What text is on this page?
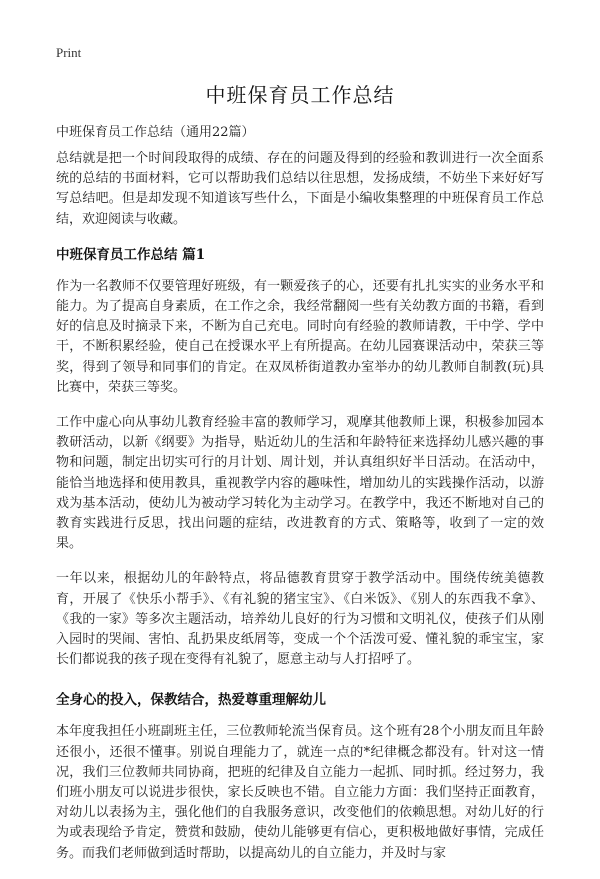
Print
中班保育员工作总结
中班保育员工作总结（通用22篇）

总结就是把一个时间段取得的成绩、存在的问题及得到的经验和教训进行一次全面系统的总结的书面材料，它可以帮助我们总结以往思想，发扬成绩，不妨坐下来好好写写总结吧。但是却发现不知道该写些什么，下面是小编收集整理的中班保育员工作总结，欢迎阅读与收藏。

中班保育员工作总结 篇1

作为一名教师不仅要管理好班级，有一颗爱孩子的心，还要有扎扎实实的业务水平和能力。为了提高自身素质，在工作之余，我经常翻阅一些有关幼教方面的书籍，看到好的信息及时摘录下来，不断为自己充电。同时向有经验的教师请教，干中学、学中干，不断积累经验，使自己在授课水平上有所提高。在幼儿园赛课活动中，荣获三等奖，得到了领导和同事们的肯定。在双凤桥街道教办室举办的幼儿教师自制教(玩)具比赛中，荣获三等奖。

工作中虚心向从事幼儿教育经验丰富的教师学习，观摩其他教师上课，积极参加园本教研活动，以新《纲要》为指导，贴近幼儿的生活和年龄特征来选择幼儿感兴趣的事物和问题，制定出切实可行的月计划、周计划，并认真组织好半日活动。在活动中，能恰当地选择和使用教具，重视教学内容的趣味性，增加幼儿的实践操作活动，以游戏为基本活动，使幼儿为被动学习转化为主动学习。在教学中，我还不断地对自己的教育实践进行反思，找出问题的症结，改进教育的方式、策略等，收到了一定的效果。

一年以来，根据幼儿的年龄特点，将品德教育贯穿于教学活动中。围绕传统美德教育，开展了《快乐小帮手》、《有礼貌的猪宝宝》、《白米饭》、《别人的东西我不拿》、《我的一家》等多次主题活动，培养幼儿良好的行为习惯和文明礼仪，使孩子们从刚入园时的哭闹、害怕、乱扔果皮纸屑等，变成一个个活泼可爱、懂礼貌的乖宝宝，家长们都说我的孩子现在变得有礼貌了，愿意主动与人打招呼了。

全身心的投入，保教结合，热爱尊重理解幼儿

本年度我担任小班副班主任，三位教师轮流当保育员。这个班有28个小朋友而且年龄还很小，还很不懂事。别说自理能力了，就连一点的*纪律概念都没有。针对这一情况，我们三位教师共同协商，把班的纪律及自立能力一起抓、同时抓。经过努力，我们班小朋友可以说进步很快，家长反映也不错。自立能力方面：我们坚持正面教育，对幼儿以表扬为主，强化他们的自我服务意识，改变他们的依赖思想。对幼儿好的行为或表现给予肯定，赞赏和鼓励，使幼儿能够更有信心，更积极地做好事情，完成任务。而我们老师做到适时帮助，以提高幼儿的自立能力，并及时与家
